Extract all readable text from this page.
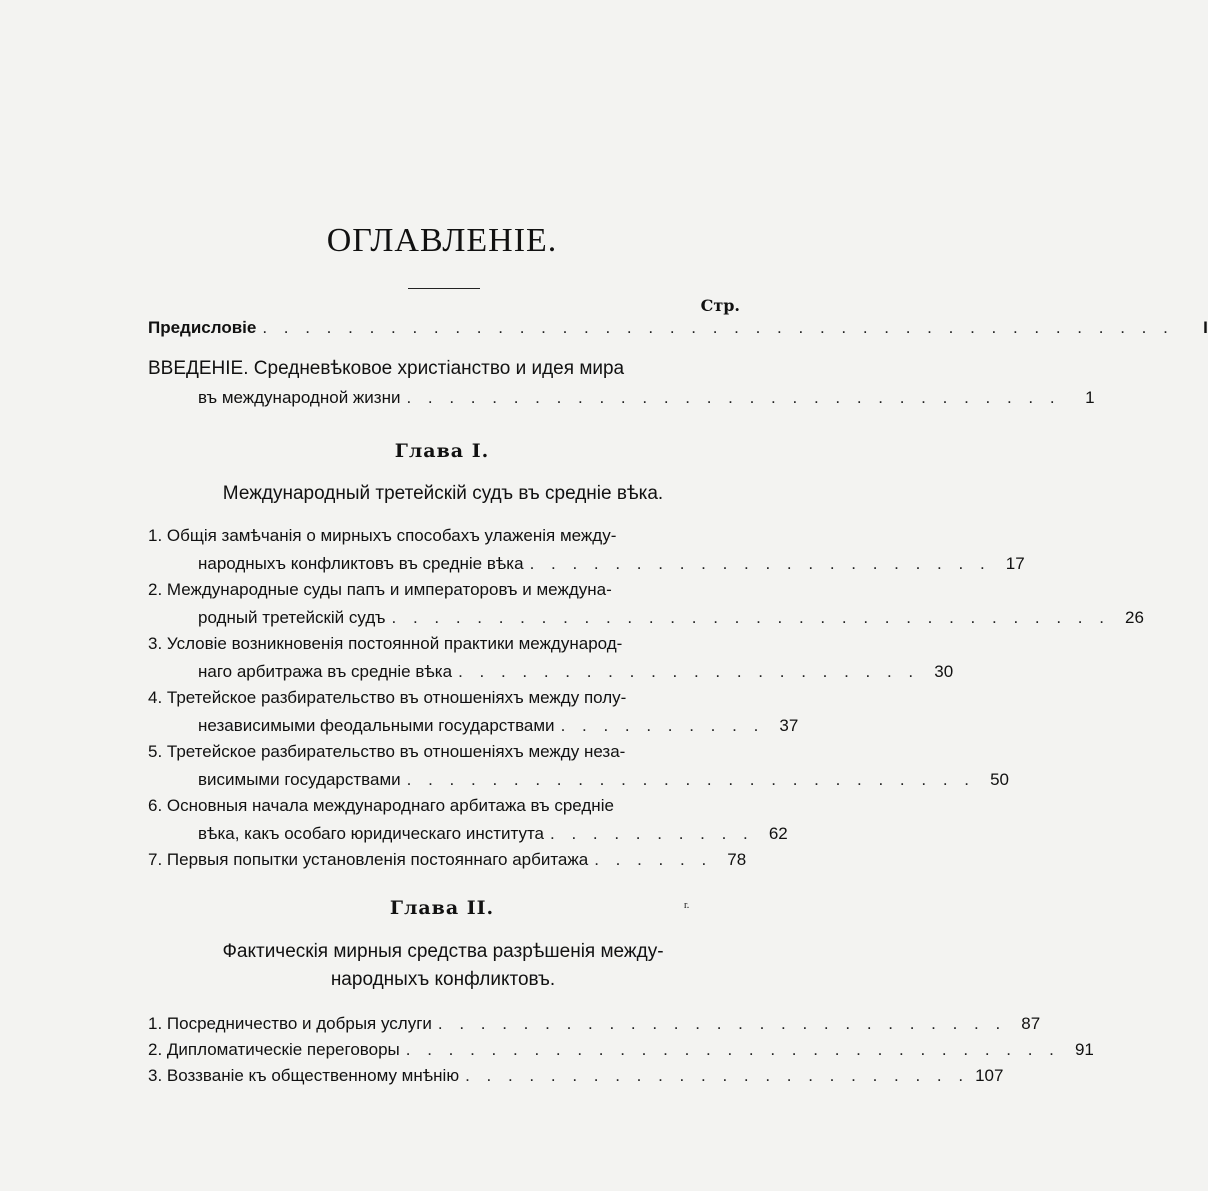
ОГЛАВЛЕНІЕ.
Стр.
Предисловіе . . . . . . . . . . . . . . . . . . . . . . . . . . . . . . . . . . . . . . . . . . .	I
ВВЕДЕНІЕ. Средневѣковое христіанство и идея мира
въ международной жизни . . . . . . . . . . . . . . . . . . . . . . . . . . . . . . .	1
Глава I.
Международный третейскій судъ въ средніе вѣка.
1. Общія замѣчанія о мирныхъ способахъ улаженія между-
народныхъ конфликтовъ въ средніе вѣка . . . . . . . . . . . . . . . . . . . . . . 17
2. Международные суды папъ и императоровъ и междуна-
родный третейскій судъ . . . . . . . . . . . . . . . . . . . . . . . . . . . . . . . . . . 26
3. Условіе возникновенія постоянной практики международ-
наго арбитража въ средніе вѣка . . . . . . . . . . . . . . . . . . . . . . 30
4. Третейское разбирательство въ отношеніяхъ между полу-
независимыми феодальными государствами . . . . . . . . . . 37
5. Третейское разбирательство въ отношеніяхъ между неза-
висимыми государствами . . . . . . . . . . . . . . . . . . . . . . . . . . . 50
6. Основныя начала международнаго арбитажа въ средніе
вѣка, какъ особаго юридическаго института . . . . . . . . . . 62
7. Первыя попытки установленія постояннаго арбитажа . . . . . . 78
Глава II.	r.
Фактическія мирныя средства разрѣшенія между-
народныхъ конфликтовъ.
1. Посредничество и добрыя услуги . . . . . . . . . . . . . . . . . . . . . . . . . . . 87
2. Дипломатическіе переговоры . . . . . . . . . . . . . . . . . . . . . . . . . . . . . . . 91
3. Воззваніе къ общественному мнѣнію . . . . . . . . . . . . . . . . . . . . . . . . 107
